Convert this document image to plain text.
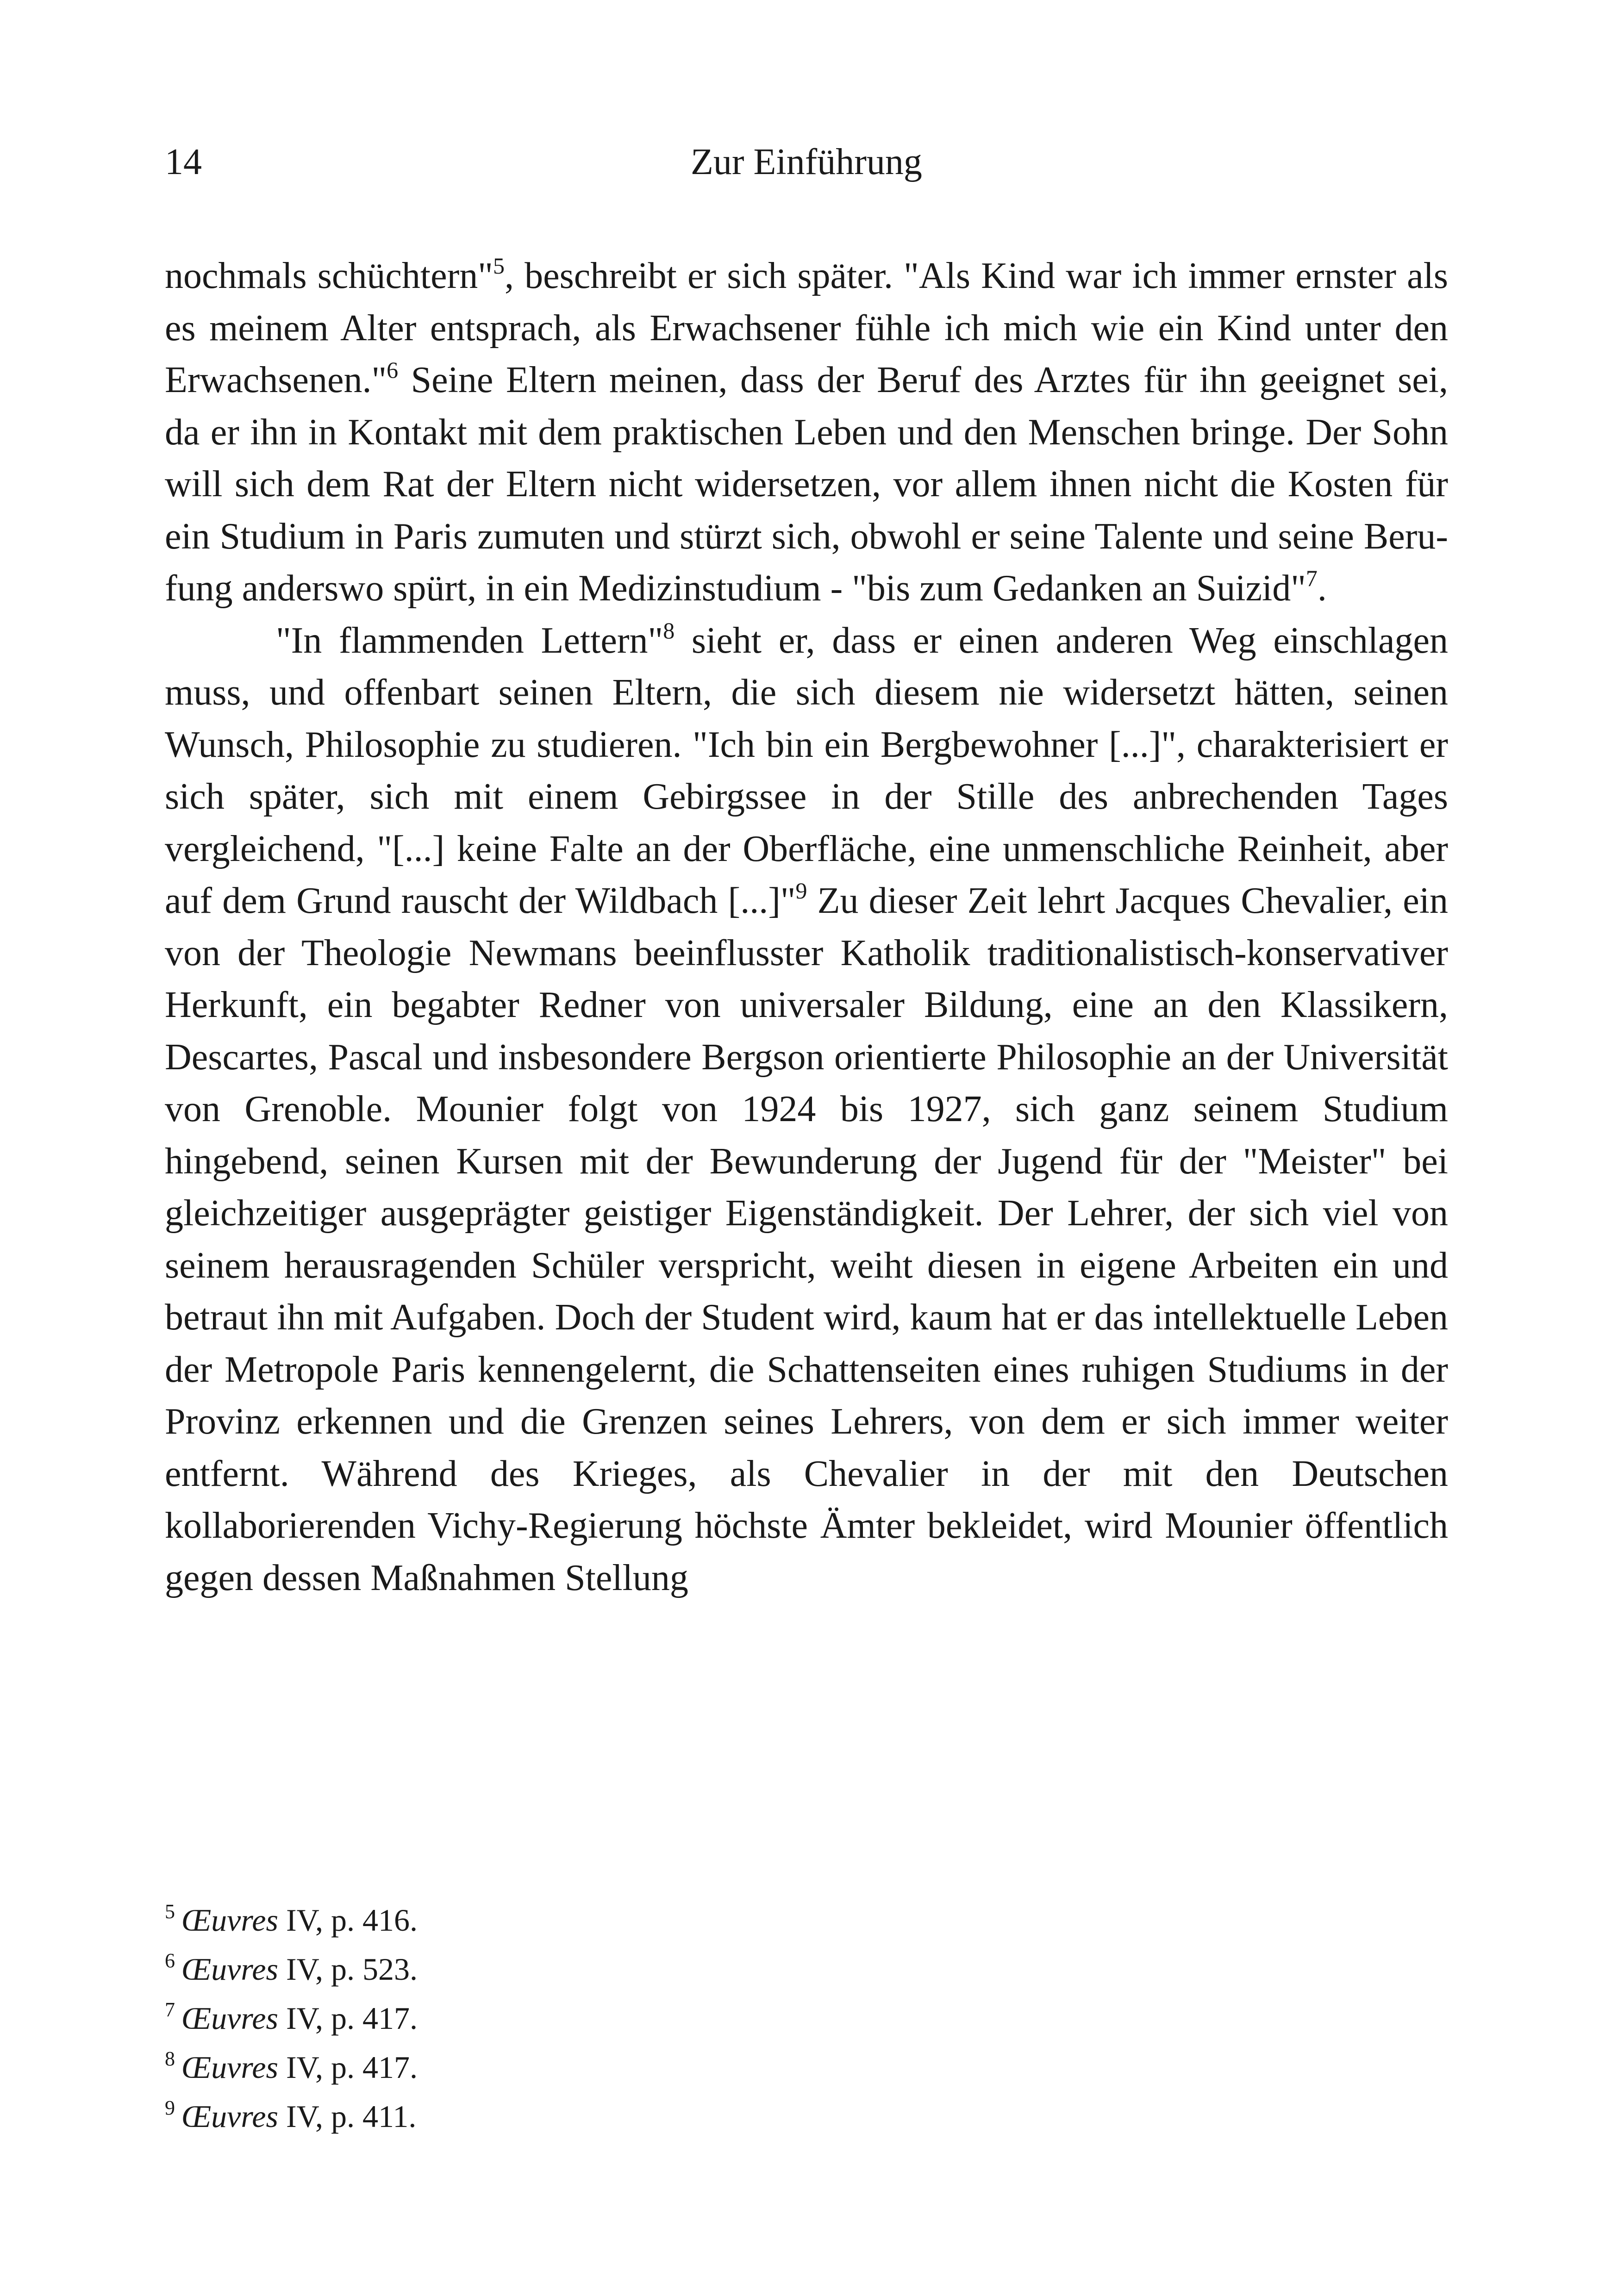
14	Zur Einführung

nochmals schüchtern"$^5$, beschreibt er sich später. "Als Kind war ich immer ernster als es meinem Alter entsprach, als Erwachsener fühle ich mich wie ein Kind unter den Erwachsenen."$^6$ Seine Eltern meinen, dass der Beruf des Arztes für ihn geeignet sei, da er ihn in Kontakt mit dem praktischen Leben und den Menschen bringe. Der Sohn will sich dem Rat der Eltern nicht widersetzen, vor allem ihnen nicht die Kosten für ein Studium in Paris zumuten und stürzt sich, obwohl er seine Talente und seine Berufung anderswo spürt, in ein Medizinstudium - "bis zum Gedanken an Suizid"$^7$.

"In flammenden Lettern"$^8$ sieht er, dass er einen anderen Weg einschlagen muss, und offenbart seinen Eltern, die sich diesem nie widersetzt hätten, seinen Wunsch, Philosophie zu studieren. "Ich bin ein Bergbewohner [...]", charakterisiert er sich später, sich mit einem Gebirgssee in der Stille des anbrechenden Tages vergleichend, "[...] keine Falte an der Oberfläche, eine unmenschliche Reinheit, aber auf dem Grund rauscht der Wildbach [...]"$^9$ Zu dieser Zeit lehrt Jacques Chevalier, ein von der Theologie Newmans beeinflusster Katholik traditionalistisch-konservativer Herkunft, ein begabter Redner von universaler Bildung, eine an den Klassikern, Descartes, Pascal und insbesondere Bergson orientierte Philosophie an der Universität von Grenoble. Mounier folgt von 1924 bis 1927, sich ganz seinem Studium hingebend, seinen Kursen mit der Bewunderung der Jugend für der "Meister" bei gleichzeitiger ausgeprägter geistiger Eigenständigkeit. Der Lehrer, der sich viel von seinem herausragenden Schüler verspricht, weiht diesen in eigene Arbeiten ein und betraut ihn mit Aufgaben. Doch der Student wird, kaum hat er das intellektuelle Leben der Metropole Paris kennengelernt, die Schattenseiten eines ruhigen Studiums in der Provinz erkennen und die Grenzen seines Lehrers, von dem er sich immer weiter entfernt. Während des Krieges, als Chevalier in der mit den Deutschen kollaborierenden Vichy-Regierung höchste Ämter bekleidet, wird Mounier öffentlich gegen dessen Maßnahmen Stellung

$^5$ Œuvres IV, p. 416.
$^6$ Œuvres IV, p. 523.
$^7$ Œuvres IV, p. 417.
$^8$ Œuvres IV, p. 417.
$^9$ Œuvres IV, p. 411.
